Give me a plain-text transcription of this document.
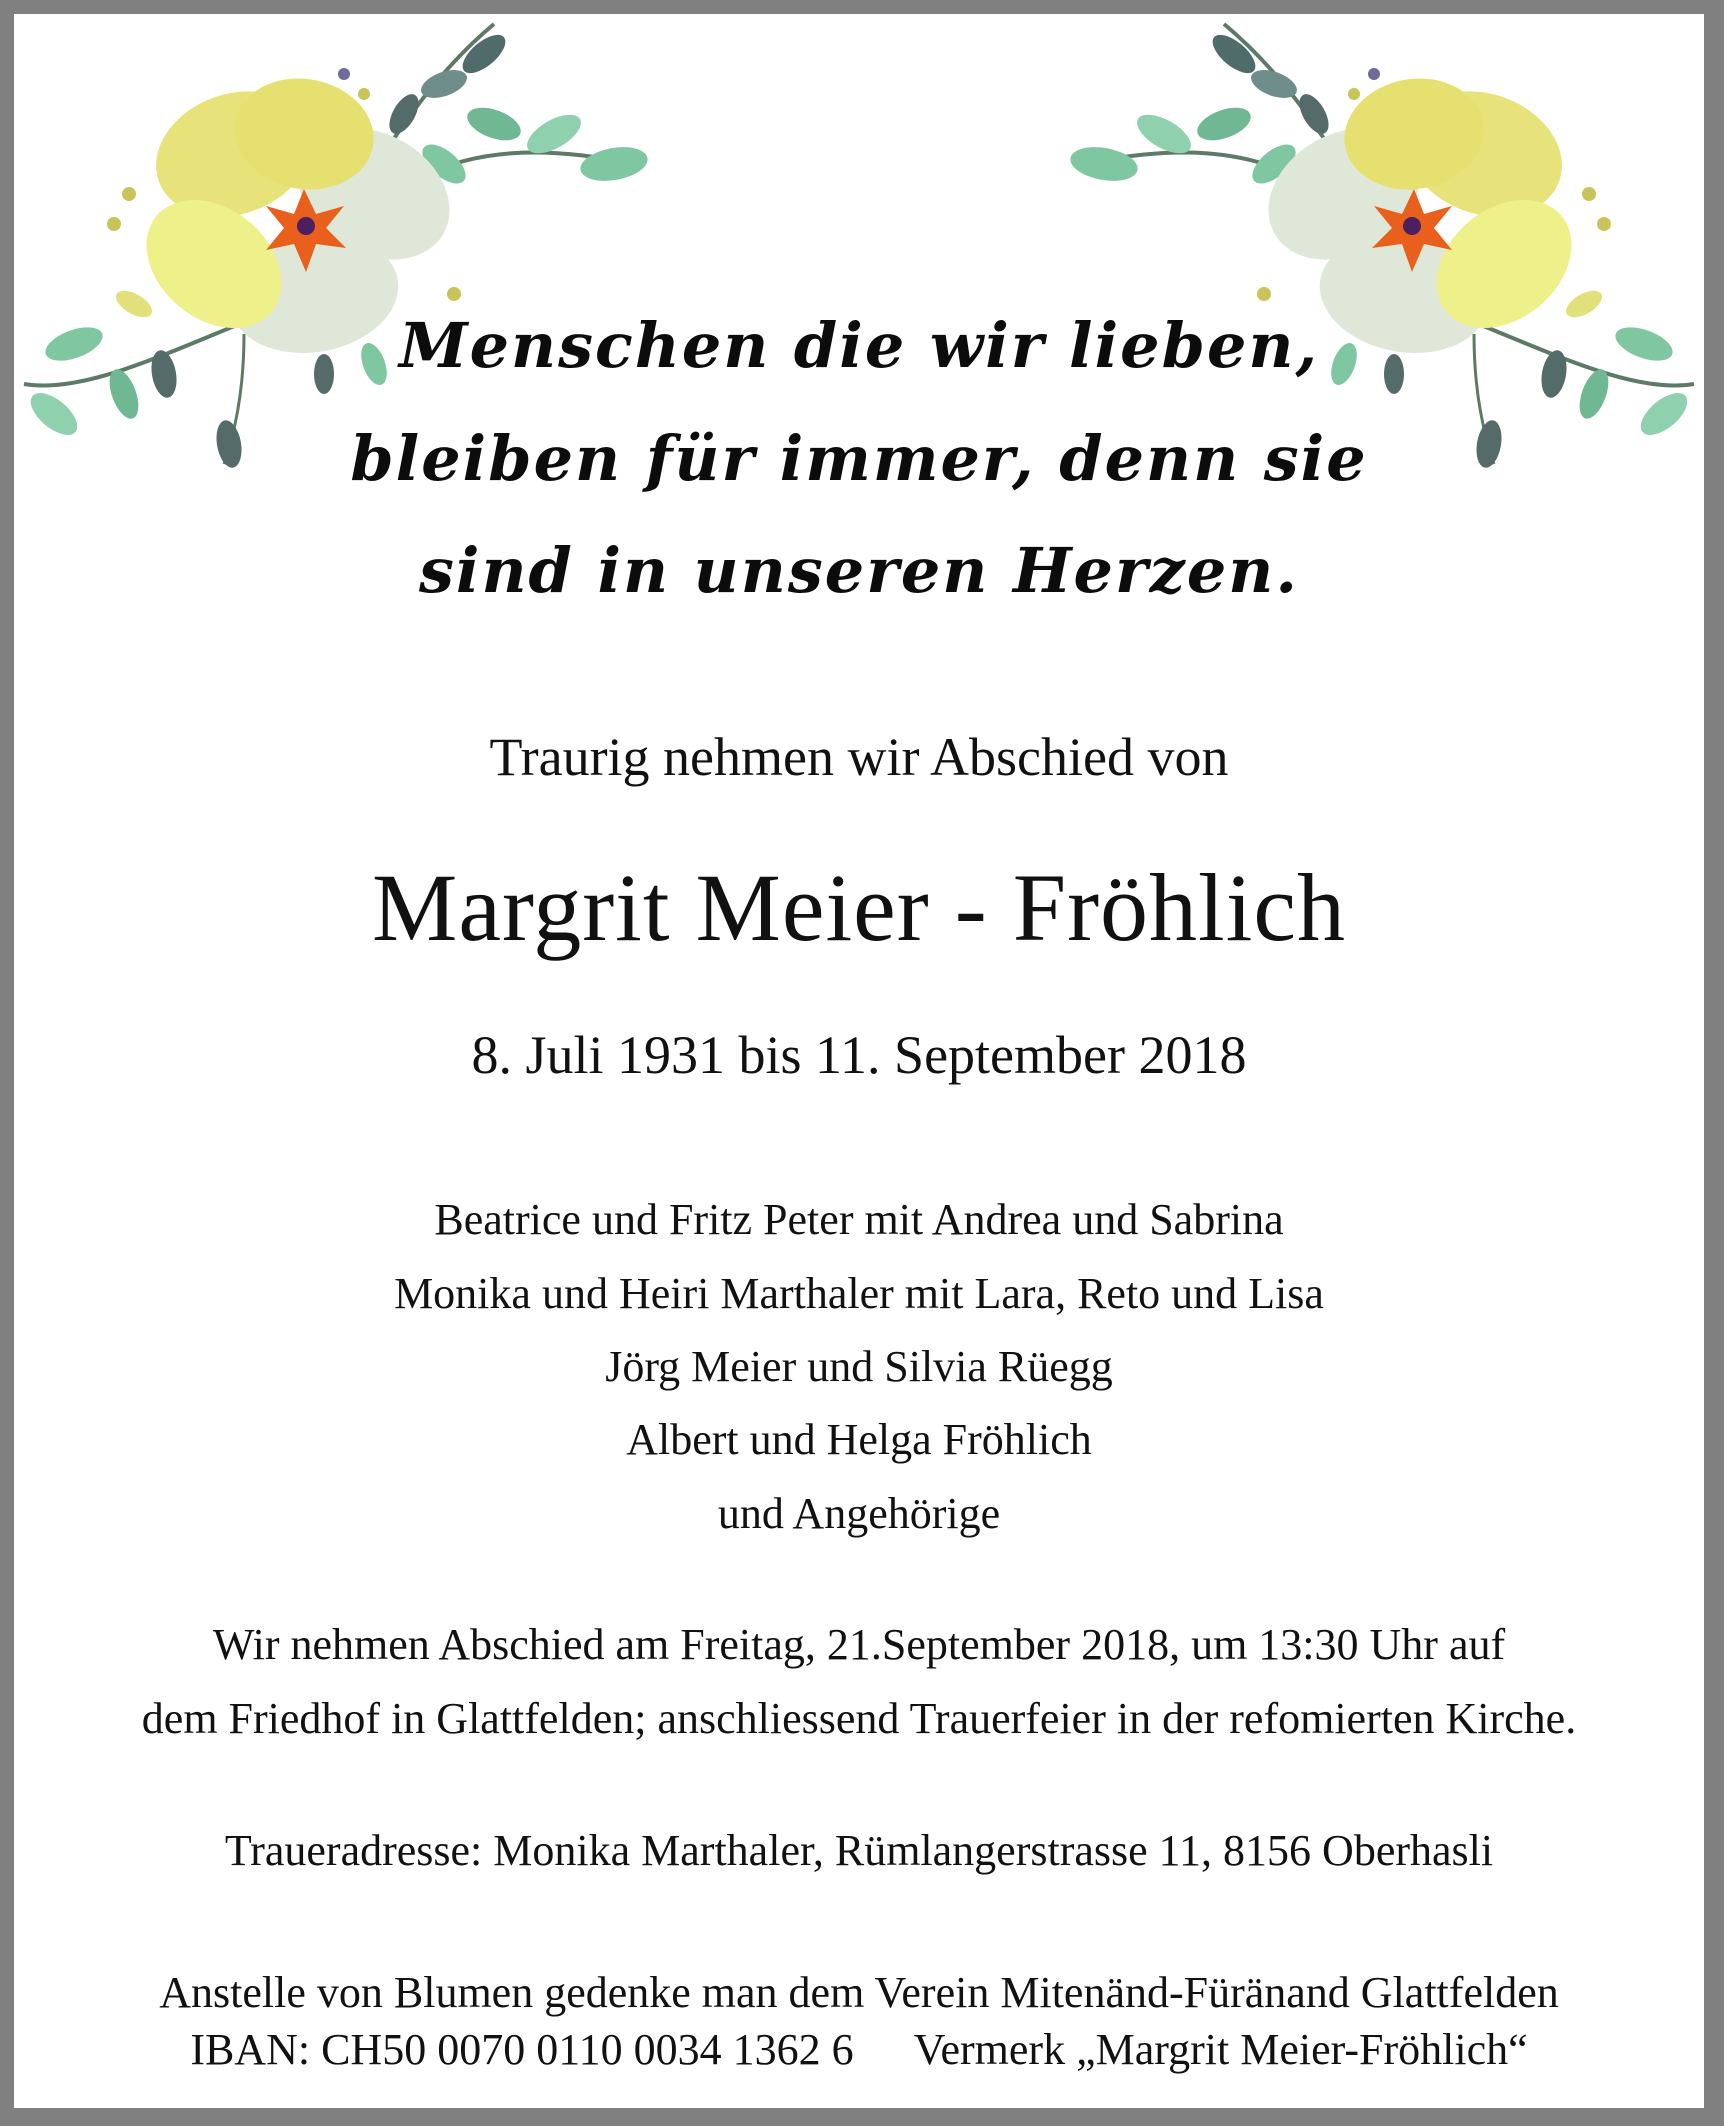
Menschen die wir lieben,
bleiben für immer, denn sie
sind in unseren Herzen.
Traurig nehmen wir Abschied von
Margrit Meier - Fröhlich
8. Juli 1931 bis 11. September 2018
Beatrice und Fritz Peter mit Andrea und Sabrina
Monika und Heiri Marthaler mit Lara, Reto und Lisa
Jörg Meier und Silvia Rüegg
Albert und Helga Fröhlich
und Angehörige
Wir nehmen Abschied am Freitag, 21.September 2018, um 13:30 Uhr auf
dem Friedhof in Glattfelden; anschliessend Trauerfeier in der refomierten Kirche.
Traueradresse: Monika Marthaler, Rümlangerstrasse 11, 8156 Oberhasli
Anstelle von Blumen gedenke man dem Verein Mitenänd-Füränand Glattfelden
IBAN: CH50 0070 0110 0034 1362 6 Vermerk „Margrit Meier-Fröhlich“
